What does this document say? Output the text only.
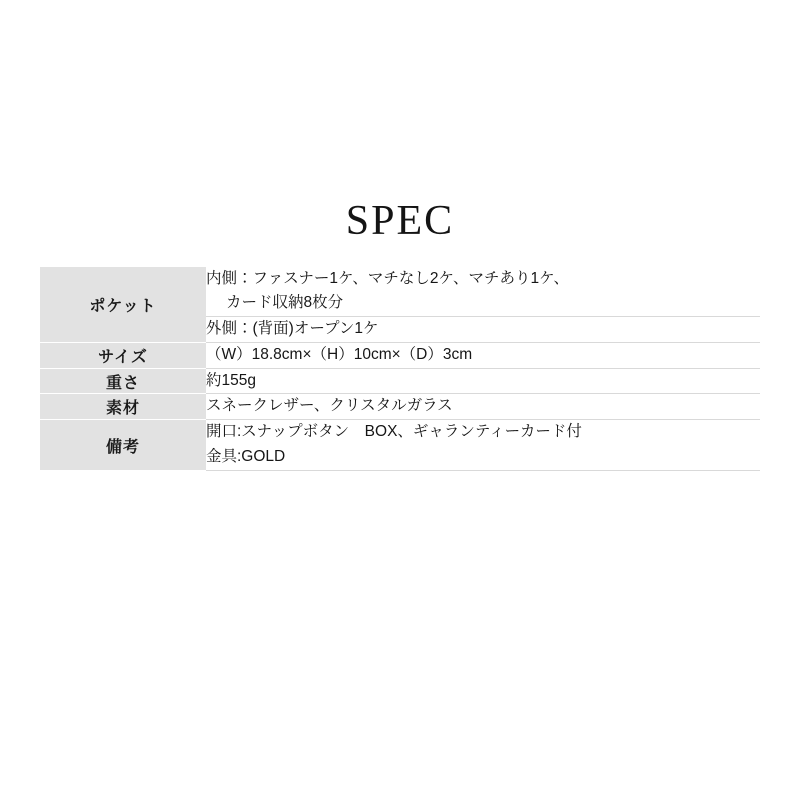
SPEC
ポケット	内側：ファスナー1ケ、マチなし2ケ、マチあり1ケ、
カード収納8枚分

	外側：(背面)オープン1ケ
サイズ	（W）18.8cm×（H）10cm×（D）3cm
重さ	約155g
素材	スネークレザー、クリスタルガラス
備考	開口:スナップボタン　BOX、ギャランティーカード付
金具:GOLD
